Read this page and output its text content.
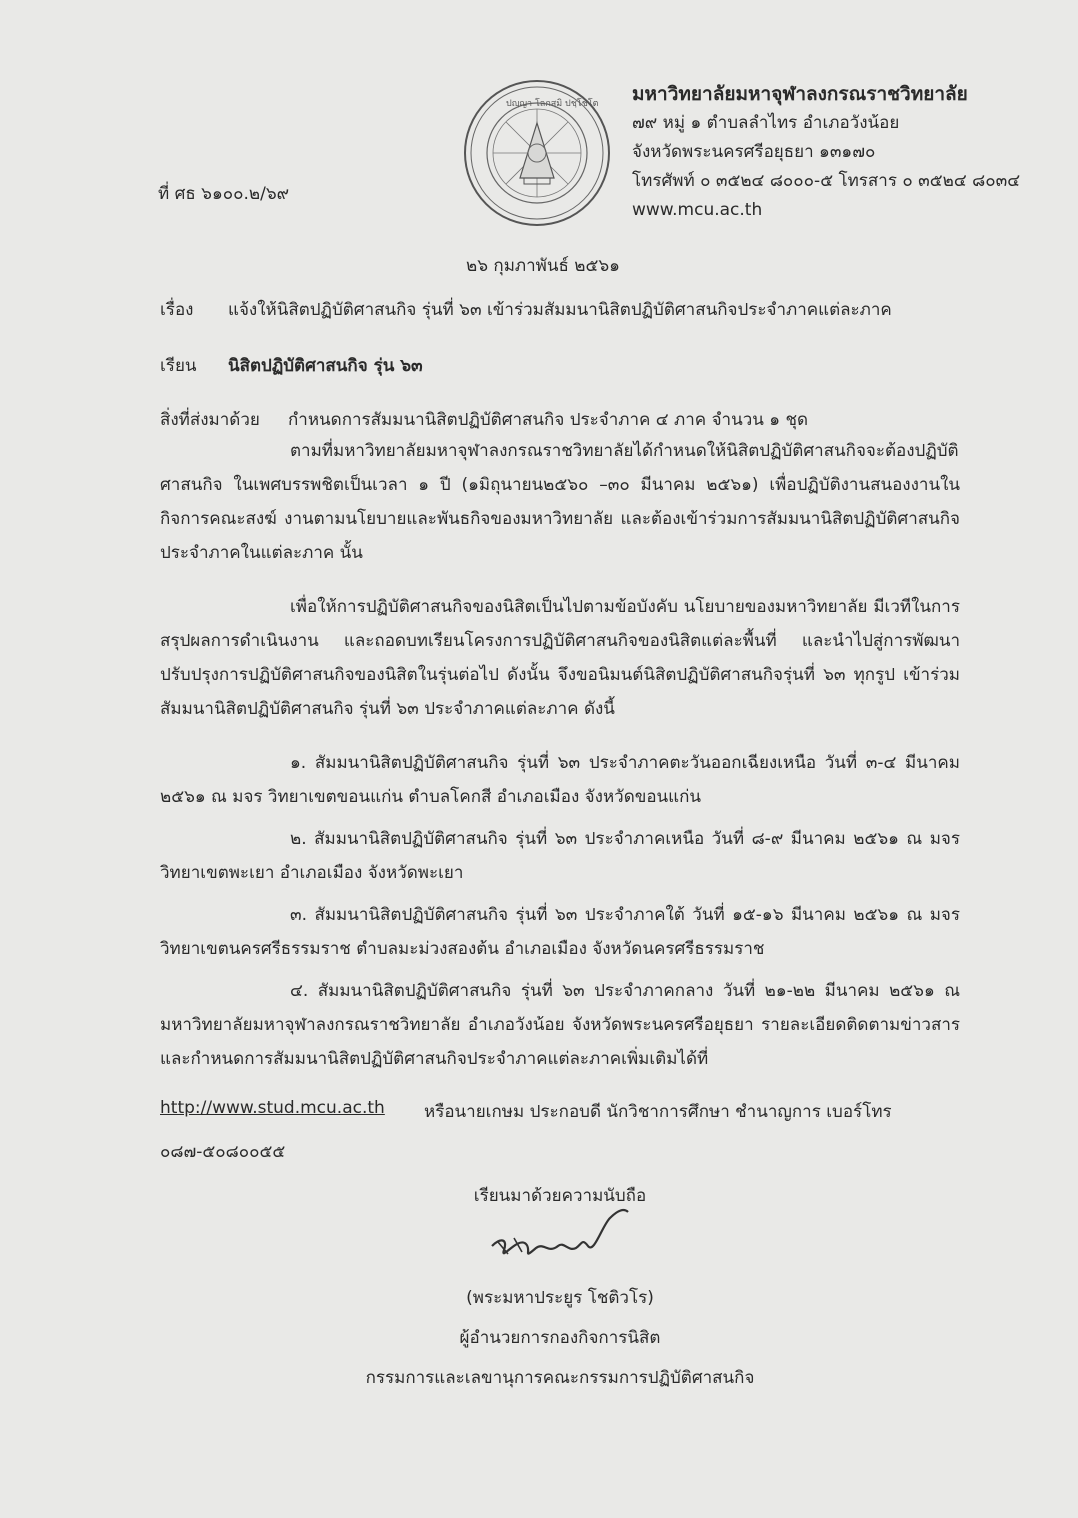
ปญฺญา โลกสฺมิ ปชฺโชโต มหาวิทยาลัยมหาจุฬาลงกรณราชวิทยาลัย
๗๙ หมู่ ๑ ตำบลลำไทร อำเภอวังน้อย
จังหวัดพระนครศรีอยุธยา ๑๓๑๗๐
โทรศัพท์ ๐ ๓๕๒๔ ๘๐๐๐-๕ โทรสาร ๐ ๓๕๒๔ ๘๐๓๔
www.mcu.ac.th
ที่ ศธ ๖๑๐๐.๒/๖๙
๒๖ กุมภาพันธ์ ๒๕๖๑
เรื่อง แจ้งให้นิสิตปฏิบัติศาสนกิจ รุ่นที่ ๖๓ เข้าร่วมสัมมนานิสิตปฏิบัติศาสนกิจประจำภาคแต่ละภาค
เรียน นิสิตปฏิบัติศาสนกิจ รุ่น ๖๓
สิ่งที่ส่งมาด้วย กำหนดการสัมมนานิสิตปฏิบัติศาสนกิจ ประจำภาค ๔ ภาค จำนวน ๑ ชุด
ตามที่มหาวิทยาลัยมหาจุฬาลงกรณราชวิทยาลัยได้กำหนดให้นิสิตปฏิบัติศาสนกิจจะต้องปฏิบัติศาสนกิจ ในเพศบรรพชิตเป็นเวลา ๑ ปี (๑มิถุนายน๒๕๖๐ –๓๐ มีนาคม ๒๕๖๑) เพื่อปฏิบัติงานสนองงานในกิจการคณะสงฆ์ งานตามนโยบายและพันธกิจของมหาวิทยาลัย และต้องเข้าร่วมการสัมมนานิสิตปฏิบัติศาสนกิจประจำภาคในแต่ละภาค นั้น
เพื่อให้การปฏิบัติศาสนกิจของนิสิตเป็นไปตามข้อบังคับ นโยบายของมหาวิทยาลัย มีเวทีในการสรุปผลการดำเนินงาน และถอดบทเรียนโครงการปฏิบัติศาสนกิจของนิสิตแต่ละพื้นที่ และนำไปสู่การพัฒนาปรับปรุงการปฏิบัติศาสนกิจของนิสิตในรุ่นต่อไป ดังนั้น จึงขอนิมนต์นิสิตปฏิบัติศาสนกิจรุ่นที่ ๖๓ ทุกรูป เข้าร่วมสัมมนานิสิตปฏิบัติศาสนกิจ รุ่นที่ ๖๓ ประจำภาคแต่ละภาค ดังนี้
๑. สัมมนานิสิตปฏิบัติศาสนกิจ รุ่นที่ ๖๓ ประจำภาคตะวันออกเฉียงเหนือ วันที่ ๓-๔ มีนาคม ๒๕๖๑ ณ มจร วิทยาเขตขอนแก่น ตำบลโคกสี อำเภอเมือง จังหวัดขอนแก่น
๒. สัมมนานิสิตปฏิบัติศาสนกิจ รุ่นที่ ๖๓ ประจำภาคเหนือ วันที่ ๘-๙ มีนาคม ๒๕๖๑ ณ มจร วิทยาเขตพะเยา อำเภอเมือง จังหวัดพะเยา
๓. สัมมนานิสิตปฏิบัติศาสนกิจ รุ่นที่ ๖๓ ประจำภาคใต้ วันที่ ๑๕-๑๖ มีนาคม ๒๕๖๑ ณ มจร วิทยาเขตนครศรีธรรมราช ตำบลมะม่วงสองต้น อำเภอเมือง จังหวัดนครศรีธรรมราช
๔. สัมมนานิสิตปฏิบัติศาสนกิจ รุ่นที่ ๖๓ ประจำภาคกลาง วันที่ ๒๑-๒๒ มีนาคม ๒๕๖๑ ณ มหาวิทยาลัยมหาจุฬาลงกรณราชวิทยาลัย อำเภอวังน้อย จังหวัดพระนครศรีอยุธยา รายละเอียดติดตามข่าวสารและกำหนดการสัมมนานิสิตปฏิบัติศาสนกิจประจำภาคแต่ละภาคเพิ่มเติมได้ที่
http://www.stud.mcu.ac.th หรือนายเกษม ประกอบดี นักวิชาการศึกษา ชำนาญการ เบอร์โทร
๐๘๗-๕๐๘๐๐๕๕
เรียนมาด้วยความนับถือ
(พระมหาประยูร โชติวโร)
ผู้อำนวยการกองกิจการนิสิต
กรรมการและเลขานุการคณะกรรมการปฏิบัติศาสนกิจ
